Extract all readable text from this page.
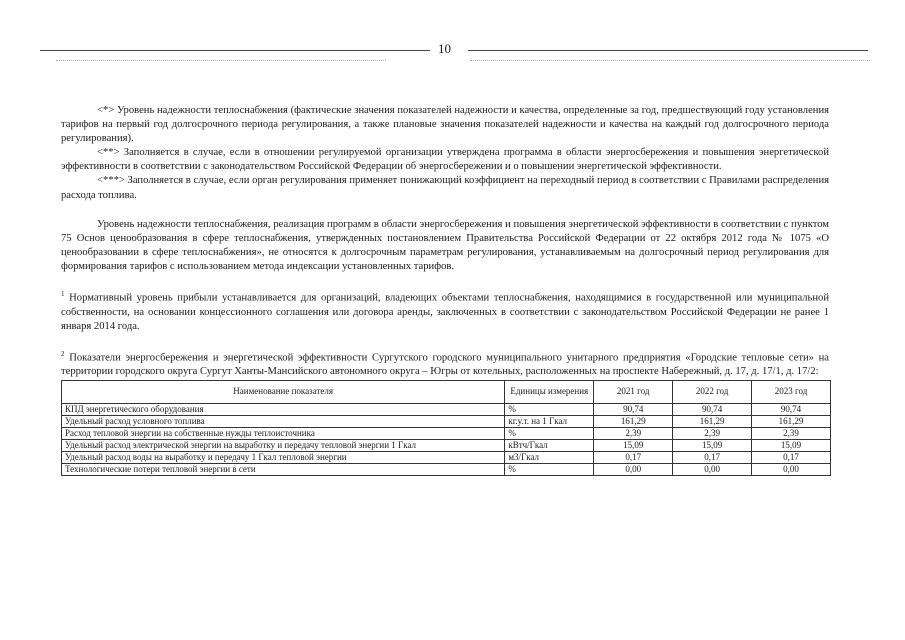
10

<*> Уровень надежности теплоснабжения (фактические значения показателей надежности и качества, определенные за год, предшествующий году установления тарифов на первый год долгосрочного периода регулирования, а также плановые значения показателей надежности и качества на каждый год долгосрочного периода регулирования).

<**> Заполняется в случае, если в отношении регулируемой организации утверждена программа в области энергосбережения и повышения энергетической эффективности в соответствии с законодательством Российской Федерации об энергосбережении и о повышении энергетической эффективности.

<***> Заполняется в случае, если орган регулирования применяет понижающий коэффициент на переходный период в соответствии с Правилами распределения расхода топлива.

Уровень надежности теплоснабжения, реализация программ в области энергосбережения и повышения энергетической эффективности в соответствии с пунктом 75 Основ ценообразования в сфере теплоснабжения, утвержденных постановлением Правительства Российской Федерации от 22 октября 2012 года № 1075 «О ценообразовании в сфере теплоснабжения», не относятся к долгосрочным параметрам регулирования, устанавливаемым на долгосрочный период регулирования для формирования тарифов с использованием метода индексации установленных тарифов.

$^1$ Нормативный уровень прибыли устанавливается для организаций, владеющих объектами теплоснабжения, находящимися в государственной или муниципальной собственности, на основании концессионного соглашения или договора аренды, заключенных в соответствии с законодательством Российской Федерации не ранее 1 января 2014 года.

$^2$ Показатели энергосбережения и энергетической эффективности Сургутского городского муниципального унитарного предприятия «Городские тепловые сети» на территории городского округа Сургут Ханты-Мансийского автономного округа – Югры от котельных, расположенных на проспекте Набережный, д. 17, д. 17/1, д. 17/2:

Наименование показателя	Единицы измерения	2021 год	2022 год	2023 год
КПД энергетического оборудования	%	90,74	90,74	90,74
Удельный расход условного топлива	кг.у.т. на 1 Гкал	161,29	161,29	161,29
Расход тепловой энергии на собственные нужды теплоисточника	%	2,39	2,39	2,39
Удельный расход электрической энергии на выработку и передачу тепловой энергии 1 Гкал	кВтч/Гкал	15,09	15,09	15,09
Удельный расход воды на выработку и передачу 1 Гкал тепловой энергии	м3/Гкал	0,17	0,17	0,17
Технологические потери тепловой энергии в сети	%	0,00	0,00	0,00
